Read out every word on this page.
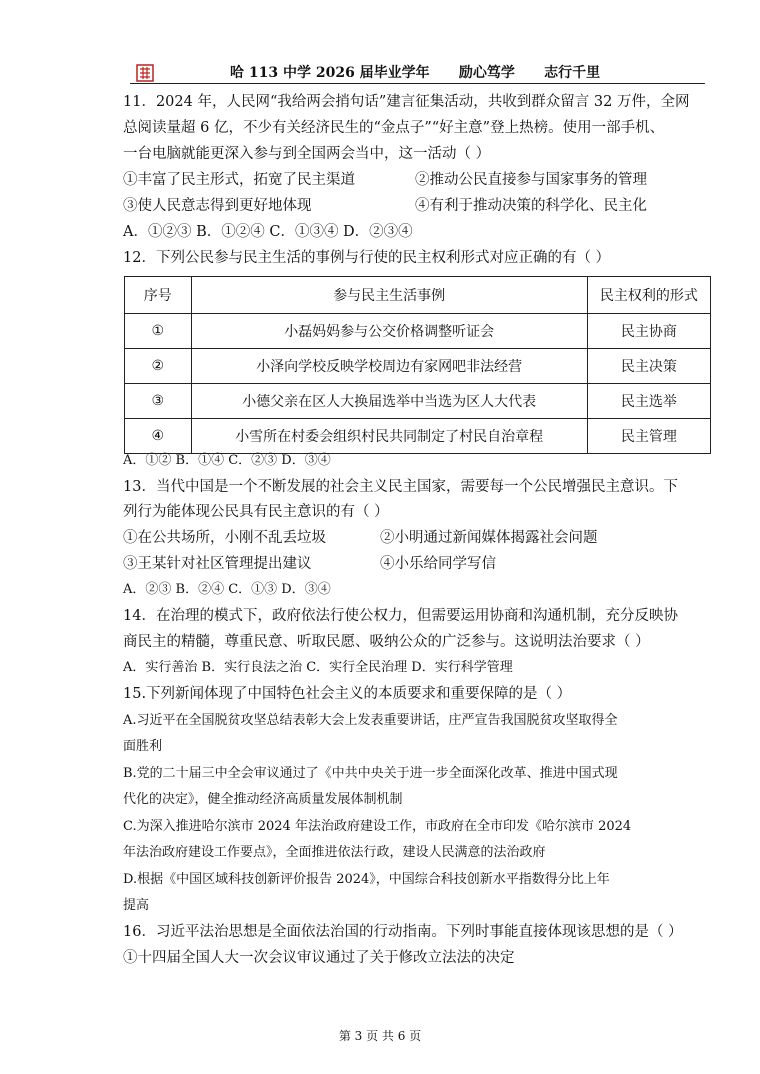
哈 113 中学 2026 届毕业学年      励心笃学      志行千里
11．2024 年，人民网“我给两会捎句话”建言征集活动，共收到群众留言 32 万件，全网
总阅读量超 6 亿，不少有关经济民生的“金点子”“好主意”登上热榜。使用一部手机、
一台电脑就能更深入参与到全国两会当中，这一活动（ ）
①丰富了民主形式，拓宽了民主渠道	②推动公民直接参与国家事务的管理
③使人民意志得到更好地体现	④有利于推动决策的科学化、民主化
A．①②③ B．①②④ C．①③④ D．②③④
12．下列公民参与民主生活的事例与行使的民主权利形式对应正确的有（ ）
序号	参与民主生活事例	民主权利的形式
①	小磊妈妈参与公交价格调整听证会	民主协商
②	小泽向学校反映学校周边有家网吧非法经营	民主决策
③	小德父亲在区人大换届选举中当选为区人大代表	民主选举
④	小雪所在村委会组织村民共同制定了村民自治章程	民主管理
A．①② B．①④ C．②③ D．③④
13．当代中国是一个不断发展的社会主义民主国家，需要每一个公民增强民主意识。下
列行为能体现公民具有民主意识的有（ ）
①在公共场所，小刚不乱丢垃圾	②小明通过新闻媒体揭露社会问题
③王某针对社区管理提出建议	④小乐给同学写信
A．②③ B．②④ C．①③ D．③④
14．在治理的模式下，政府依法行使公权力，但需要运用协商和沟通机制，充分反映协
商民主的精髓，尊重民意、听取民愿、吸纳公众的广泛参与。这说明法治要求（ ）
A．实行善治 B．实行良法之治 C．实行全民治理 D．实行科学管理
15.下列新闻体现了中国特色社会主义的本质要求和重要保障的是（ ）
A.习近平在全国脱贫攻坚总结表彰大会上发表重要讲话，庄严宣告我国脱贫攻坚取得全
面胜利
B.党的二十届三中全会审议通过了《中共中央关于进一步全面深化改革、推进中国式现
代化的决定》，健全推动经济高质量发展体制机制
C.为深入推进哈尔滨市 2024 年法治政府建设工作，市政府在全市印发《哈尔滨市 2024
年法治政府建设工作要点》，全面推进依法行政，建设人民满意的法治政府
D.根据《中国区域科技创新评价报告 2024》，中国综合科技创新水平指数得分比上年
提高
16．习近平法治思想是全面依法治国的行动指南。下列时事能直接体现该思想的是（ ）
①十四届全国人大一次会议审议通过了关于修改立法法的决定
第 3 页 共 6 页
